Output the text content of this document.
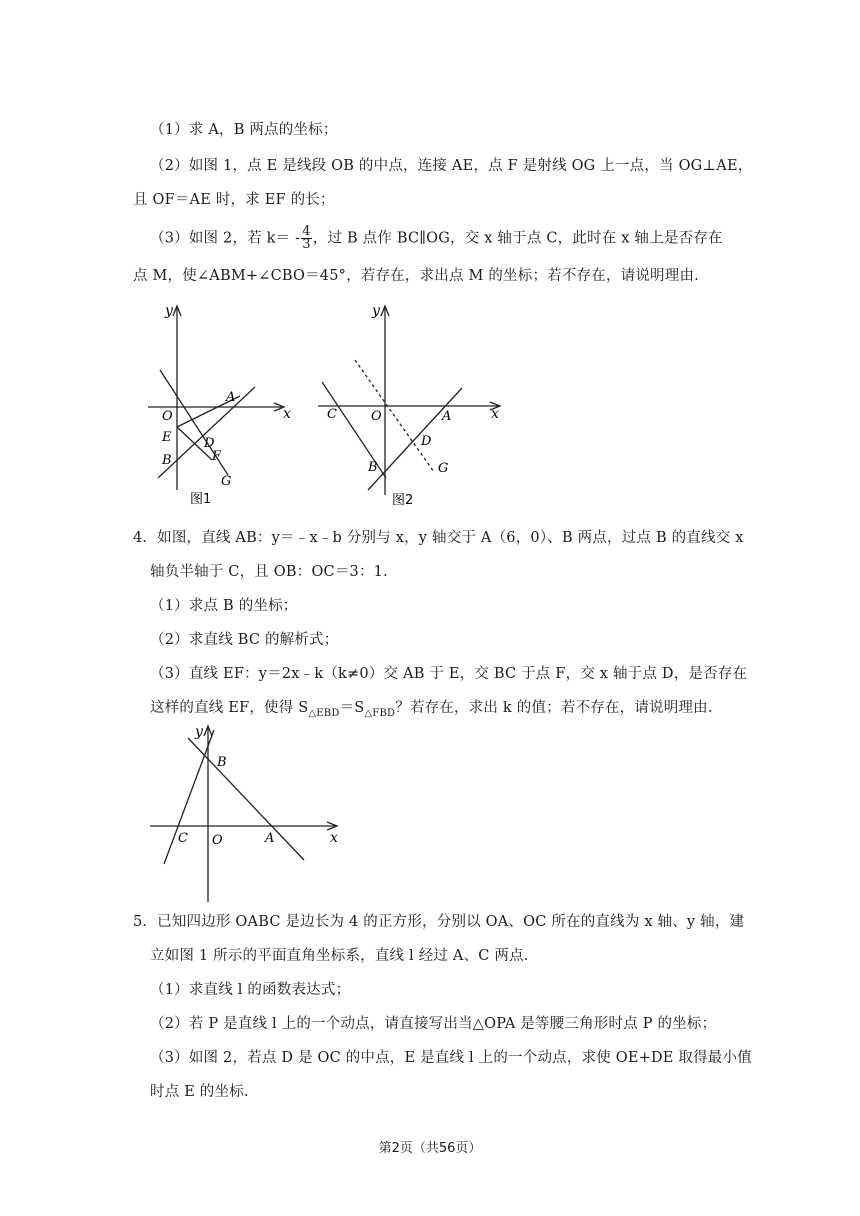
（1）求 A，B 两点的坐标；
（2）如图 1，点 E 是线段 OB 的中点，连接 AE，点 F 是射线 OG 上一点，当 OG⊥AE，
且 OF＝AE 时，求 EF 的长；
（3）如图 2，若 $k= - \frac{4}{3}$ ，过 B 点作 BC∥OG，交 x 轴于点 C，此时在 x 轴上是否存在
点 M，使∠ABM+∠CBO＝45°，若存在，求出点 M 的坐标；若不存在，请说明理由.
y
x
O
A
E	D
B	F
G
图1
y
x
C	O	A
D
B	G
图2
4．如图，直线 AB：y＝﹣x﹣b 分别与 x，y 轴交于 A（6，0）、B 两点，过点 B 的直线交 x
轴负半轴于 C，且 OB：OC＝3：1.
（1）求点 B 的坐标；
（2）求直线 BC 的解析式；
（3）直线 EF：y＝2x﹣k（k≠0）交 AB 于 E，交 BC 于点 F，交 x 轴于点 D，是否存在
这样的直线 EF，使得 $S_{\triangle EBD}=S_{\triangle FBD}$？若存在，求出 k 的值；若不存在，请说明理由.
y
x
B
C O	A
5．已知四边形 OABC 是边长为 4 的正方形，分别以 OA、OC 所在的直线为 x 轴、y 轴，建
立如图 1 所示的平面直角坐标系，直线 l 经过 A、C 两点.
（1）求直线 l 的函数表达式；
（2）若 P 是直线 l 上的一个动点，请直接写出当△OPA 是等腰三角形时点 P 的坐标；
（3）如图 2，若点 D 是 OC 的中点，E 是直线 l 上的一个动点，求使 OE+DE 取得最小值
时点 E 的坐标.
第2页（共56页）
